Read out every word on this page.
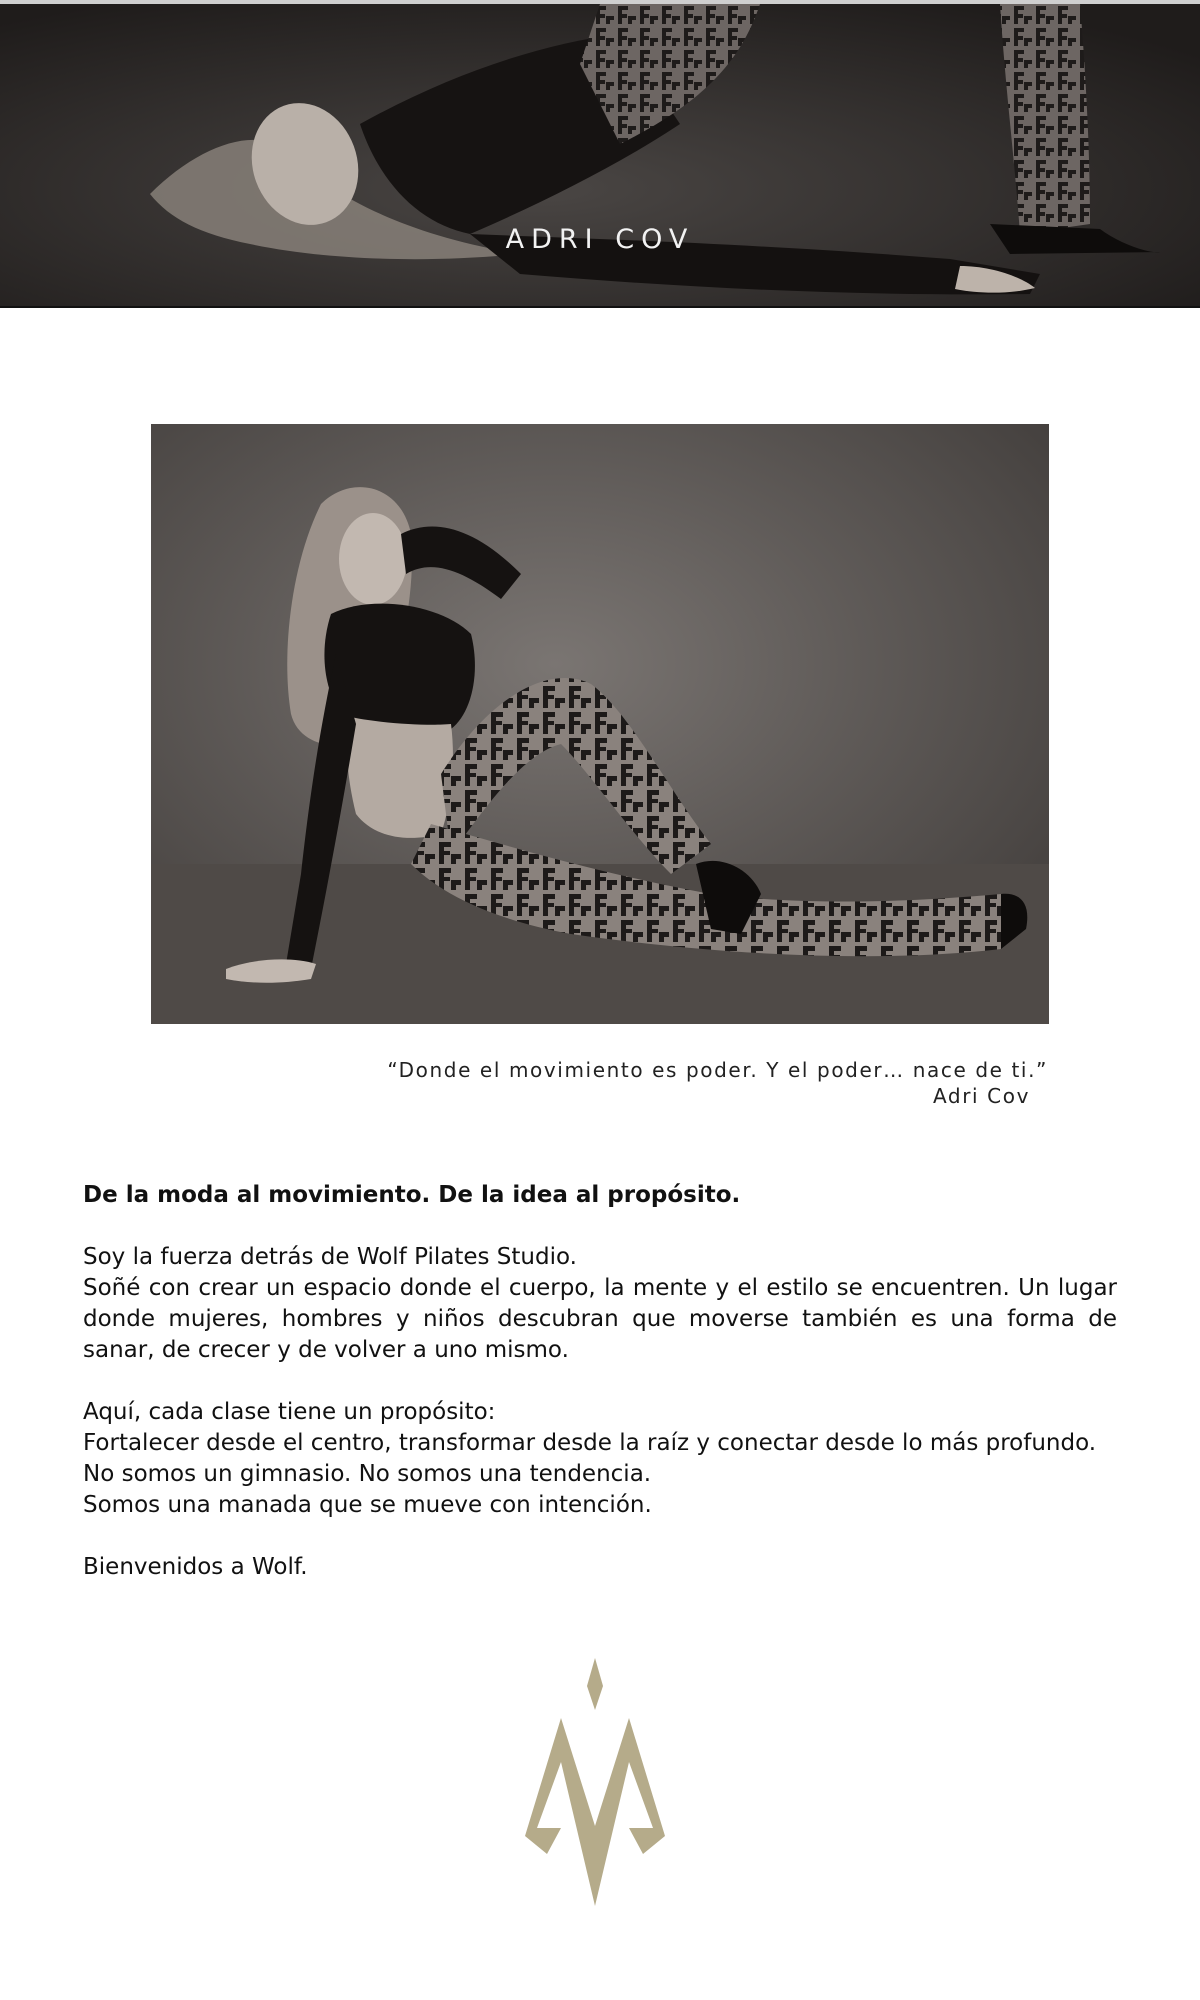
ADRI COV
“Donde el movimiento es poder. Y el poder… nace de ti.”

Adri Cov
De la moda al movimiento. De la idea al propósito.

Soy la fuerza detrás de Wolf Pilates Studio.

Soñé con crear un espacio donde el cuerpo, la mente y el estilo se encuentren. Un lugar donde mujeres, hombres y niños descubran que moverse también es una forma de sanar, de crecer y de volver a uno mismo.

Aquí, cada clase tiene un propósito:

Fortalecer desde el centro, transformar desde la raíz y conectar desde lo más profundo.

No somos un gimnasio. No somos una tendencia.

Somos una manada que se mueve con intención.

Bienvenidos a Wolf.
